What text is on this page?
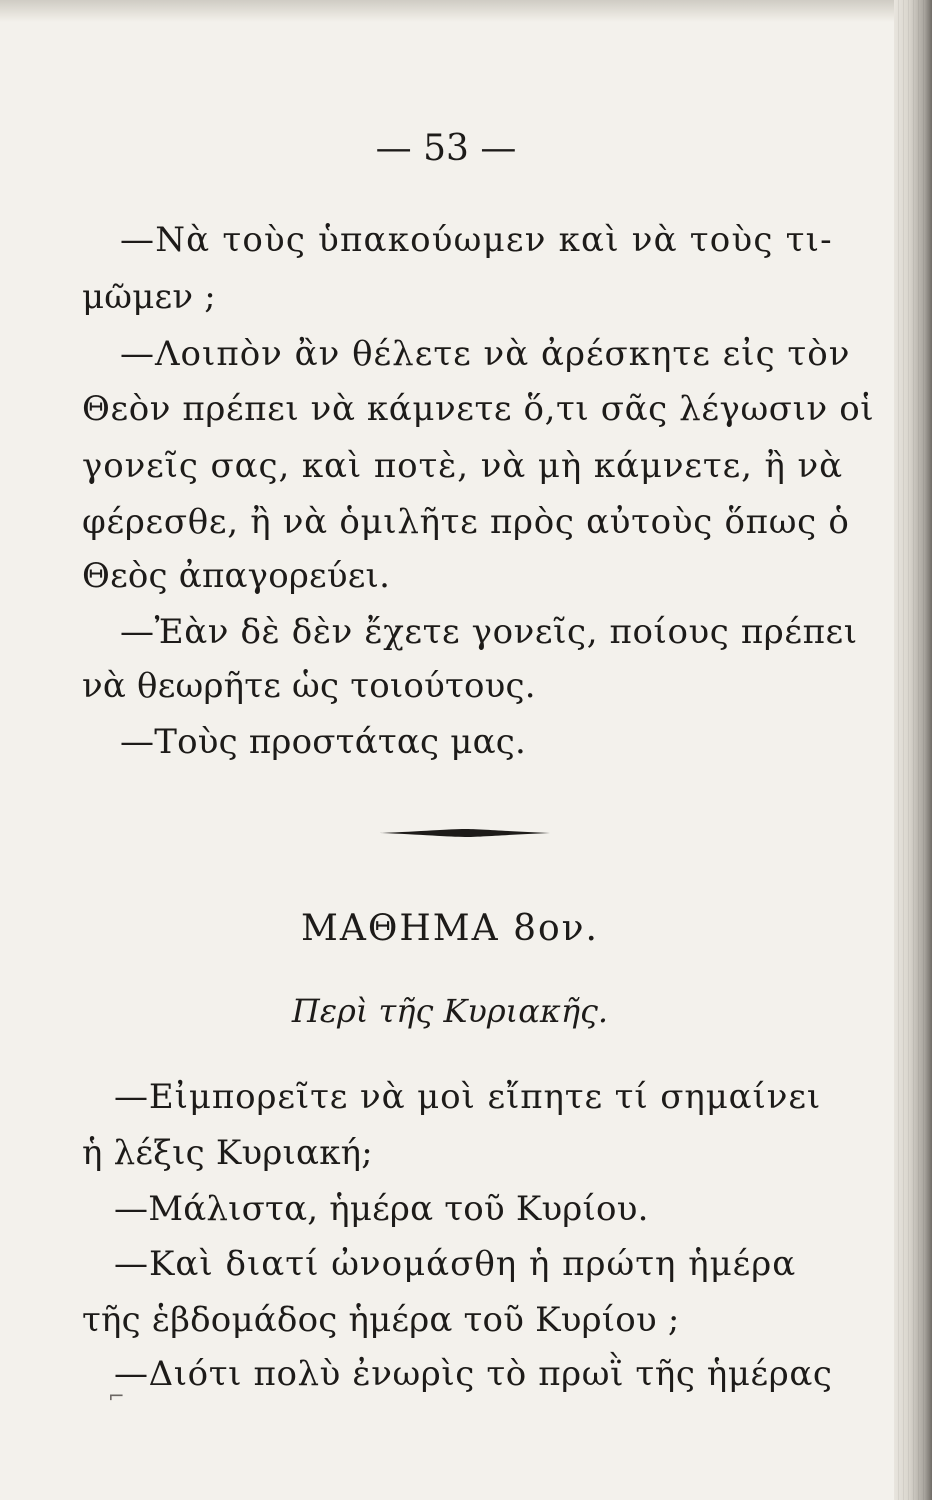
— 53 —
—Νὰ τοὺς ὑπακούωμεν καὶ νὰ τοὺς τι-
μῶμεν ;
—Λοιπὸν ἂν θέλετε νὰ ἀρέσκητε εἰς τὸν
Θεὸν πρέπει νὰ κάμνετε ὅ,τι σᾶς λέγωσιν οἱ
γονεῖς σας, καὶ ποτὲ, νὰ μὴ κάμνετε, ἢ νὰ
φέρεσθε, ἢ νὰ ὁμιλῆτε πρὸς αὐτοὺς ὅπως ὁ
Θεὸς ἀπαγορεύει.
—Ἐὰν δὲ δὲν ἔχετε γονεῖς, ποίους πρέπει
νὰ θεωρῆτε ὡς τοιούτους.
—Τοὺς προστάτας μας.
ΜΑΘΗΜΑ 8ον.
Περὶ τῆς Κυριακῆς.
—Εἰμπορεῖτε νὰ μοὶ εἴπητε τί σημαίνει
ἡ λέξις Κυριακή;
—Μάλιστα, ἡμέρα τοῦ Κυρίου.
—Καὶ διατί ὠνομάσθη ἡ πρώτη ἡμέρα
τῆς ἑβδομάδος ἡμέρα τοῦ Κυρίου ;
—Διότι πολὺ ἐνωρὶς τὸ πρωῒ τῆς ἡμέρας
⌐
